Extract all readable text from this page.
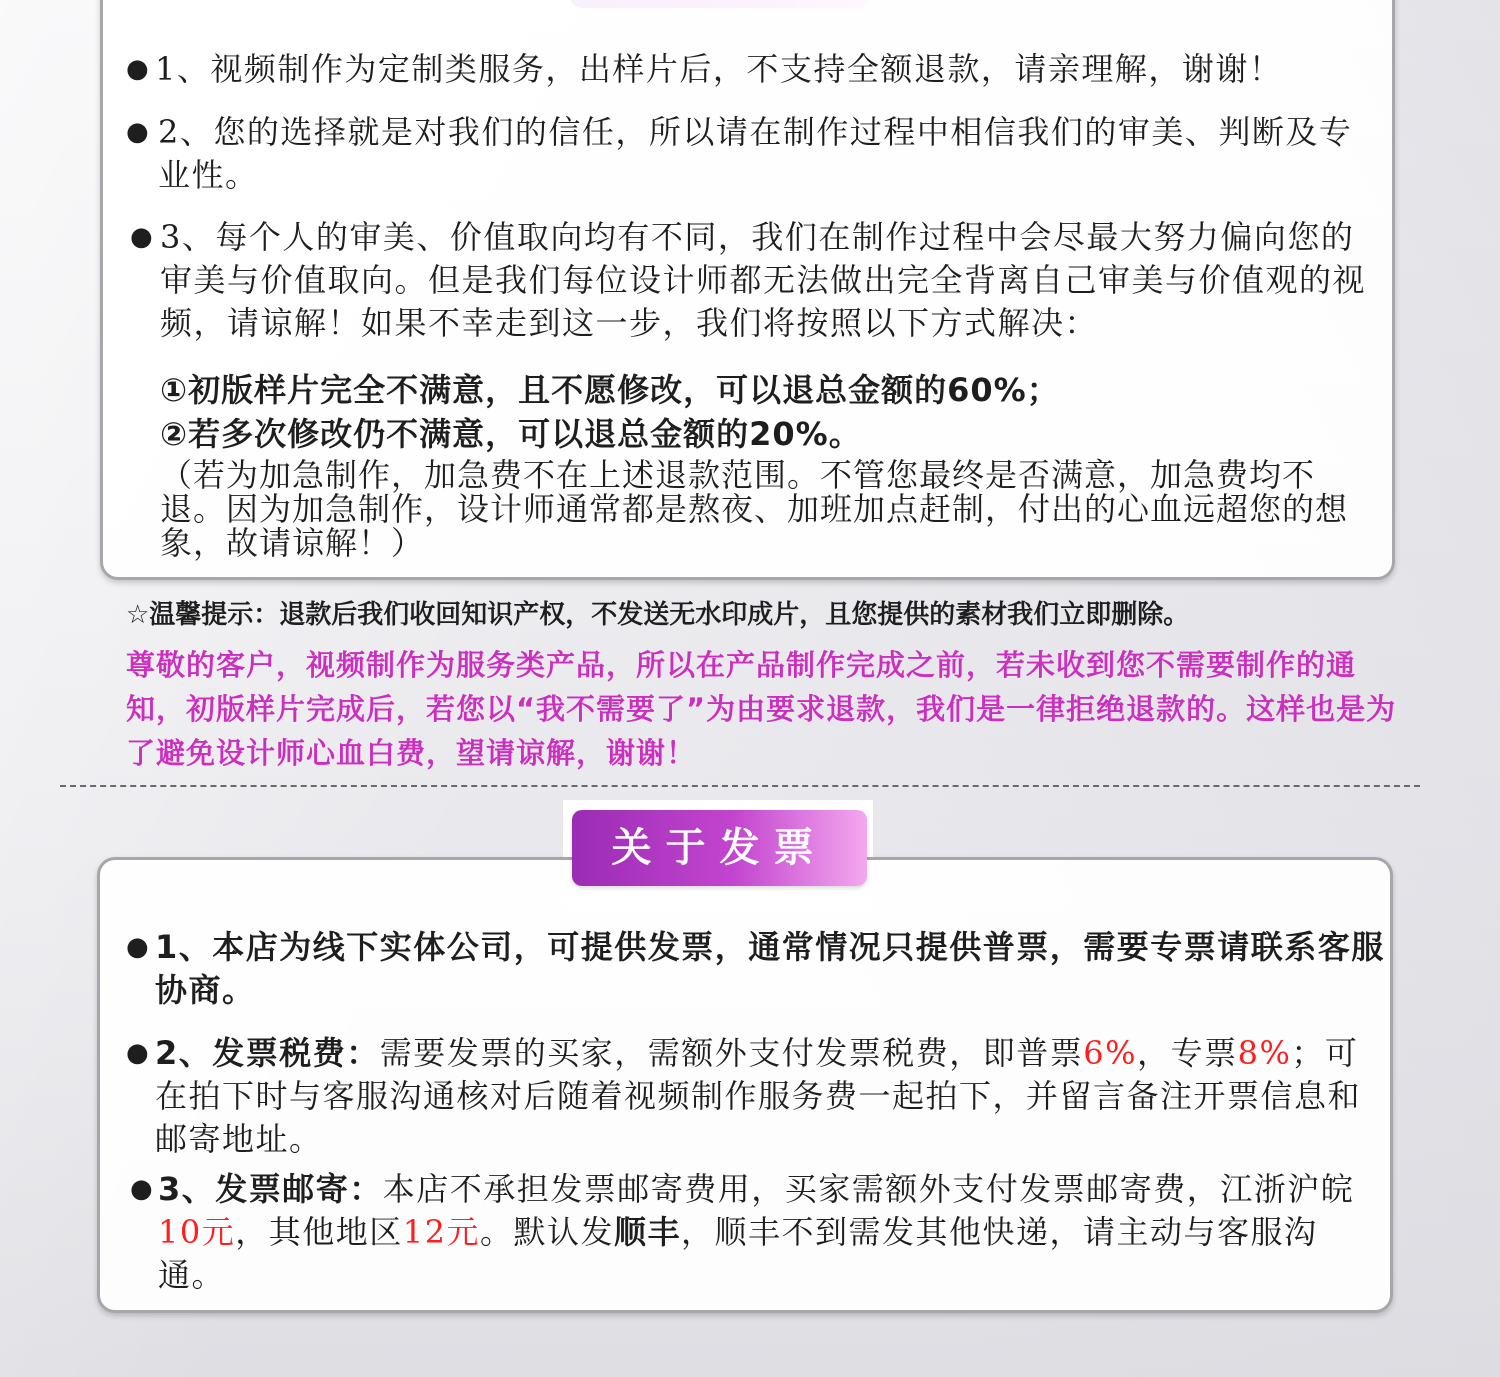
● 1、视频制作为定制类服务，出样片后，不支持全额退款，请亲理解，谢谢！
● 2、您的选择就是对我们的信任，所以请在制作过程中相信我们的审美、判断及专业性。
● 3、每个人的审美、价值取向均有不同，我们在制作过程中会尽最大努力偏向您的审美与价值取向。但是我们每位设计师都无法做出完全背离自己审美与价值观的视频，请谅解！如果不幸走到这一步，我们将按照以下方式解决：
①初版样片完全不满意，且不愿修改，可以退总金额的60%；
②若多次修改仍不满意，可以退总金额的20%。
（若为加急制作，加急费不在上述退款范围。不管您最终是否满意，加急费均不退。因为加急制作，设计师通常都是熬夜、加班加点赶制，付出的心血远超您的想象，故请谅解！）
☆温馨提示：退款后我们收回知识产权，不发送无水印成片，且您提供的素材我们立即删除。
尊敬的客户，视频制作为服务类产品，所以在产品制作完成之前，若未收到您不需要制作的通知，初版样片完成后，若您以“我不需要了”为由要求退款，我们是一律拒绝退款的。这样也是为了避免设计师心血白费，望请谅解，谢谢！
关于发票
● 1、本店为线下实体公司，可提供发票，通常情况只提供普票，需要专票请联系客服协商。
● 2、发票税费：需要发票的买家，需额外支付发票税费，即普票6%，专票8%；可在拍下时与客服沟通核对后随着视频制作服务费一起拍下，并留言备注开票信息和邮寄地址。
● 3、发票邮寄：本店不承担发票邮寄费用，买家需额外支付发票邮寄费，江浙沪皖10元，其他地区12元。默认发顺丰，顺丰不到需发其他快递，请主动与客服沟通。
